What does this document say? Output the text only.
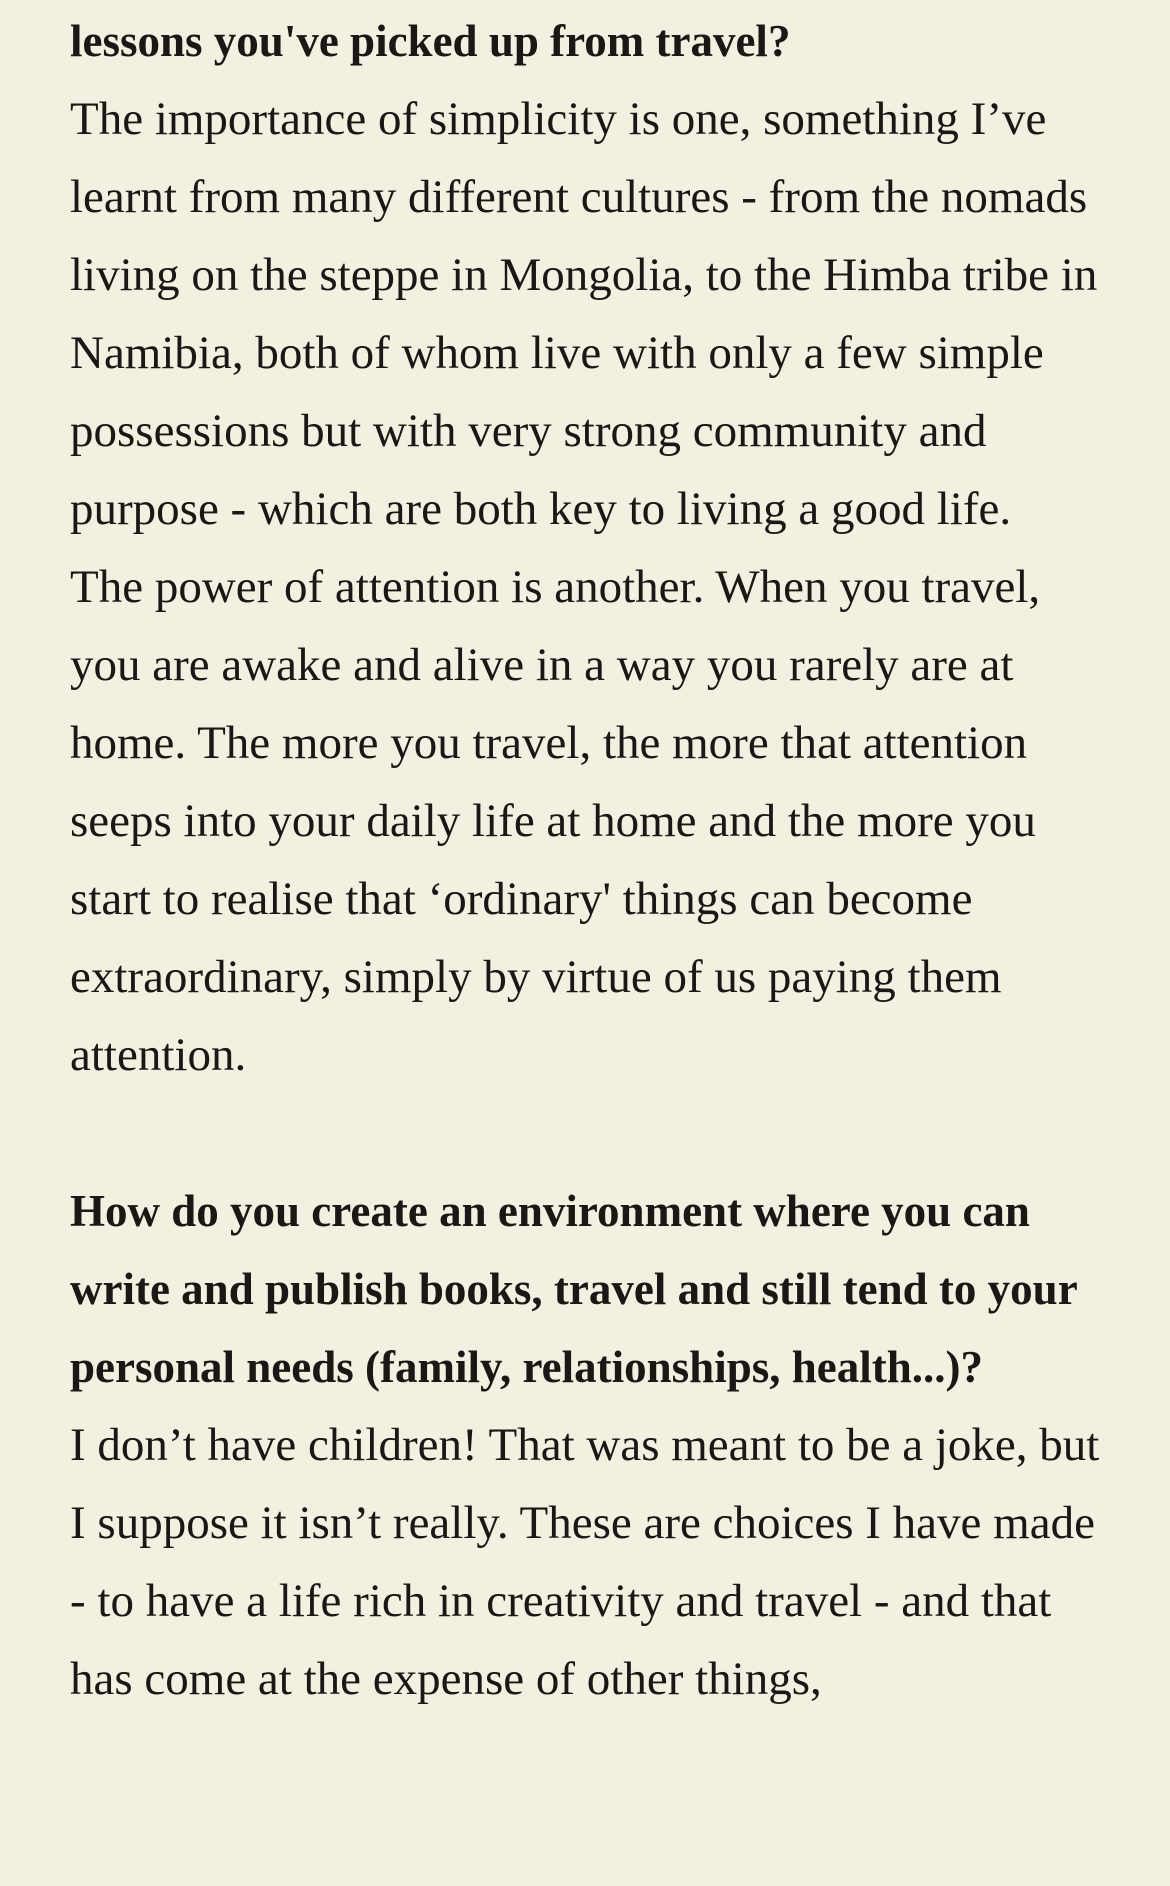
lessons you've picked up from travel?

The importance of simplicity is one, something I’ve learnt from many different cultures - from the nomads living on the steppe in Mongolia, to the Himba tribe in Namibia, both of whom live with only a few simple possessions but with very strong community and purpose - which are both key to living a good life.

The power of attention is another. When you travel, you are awake and alive in a way you rarely are at home. The more you travel, the more that attention seeps into your daily life at home and the more you start to realise that ‘ordinary' things can become extraordinary, simply by virtue of us paying them attention.

How do you create an environment where you can write and publish books, travel and still tend to your personal needs (family, relationships, health...)?

I don’t have children! That was meant to be a joke, but I suppose it isn’t really. These are choices I have made - to have a life rich in creativity and travel - and that has come at the expense of other things,
